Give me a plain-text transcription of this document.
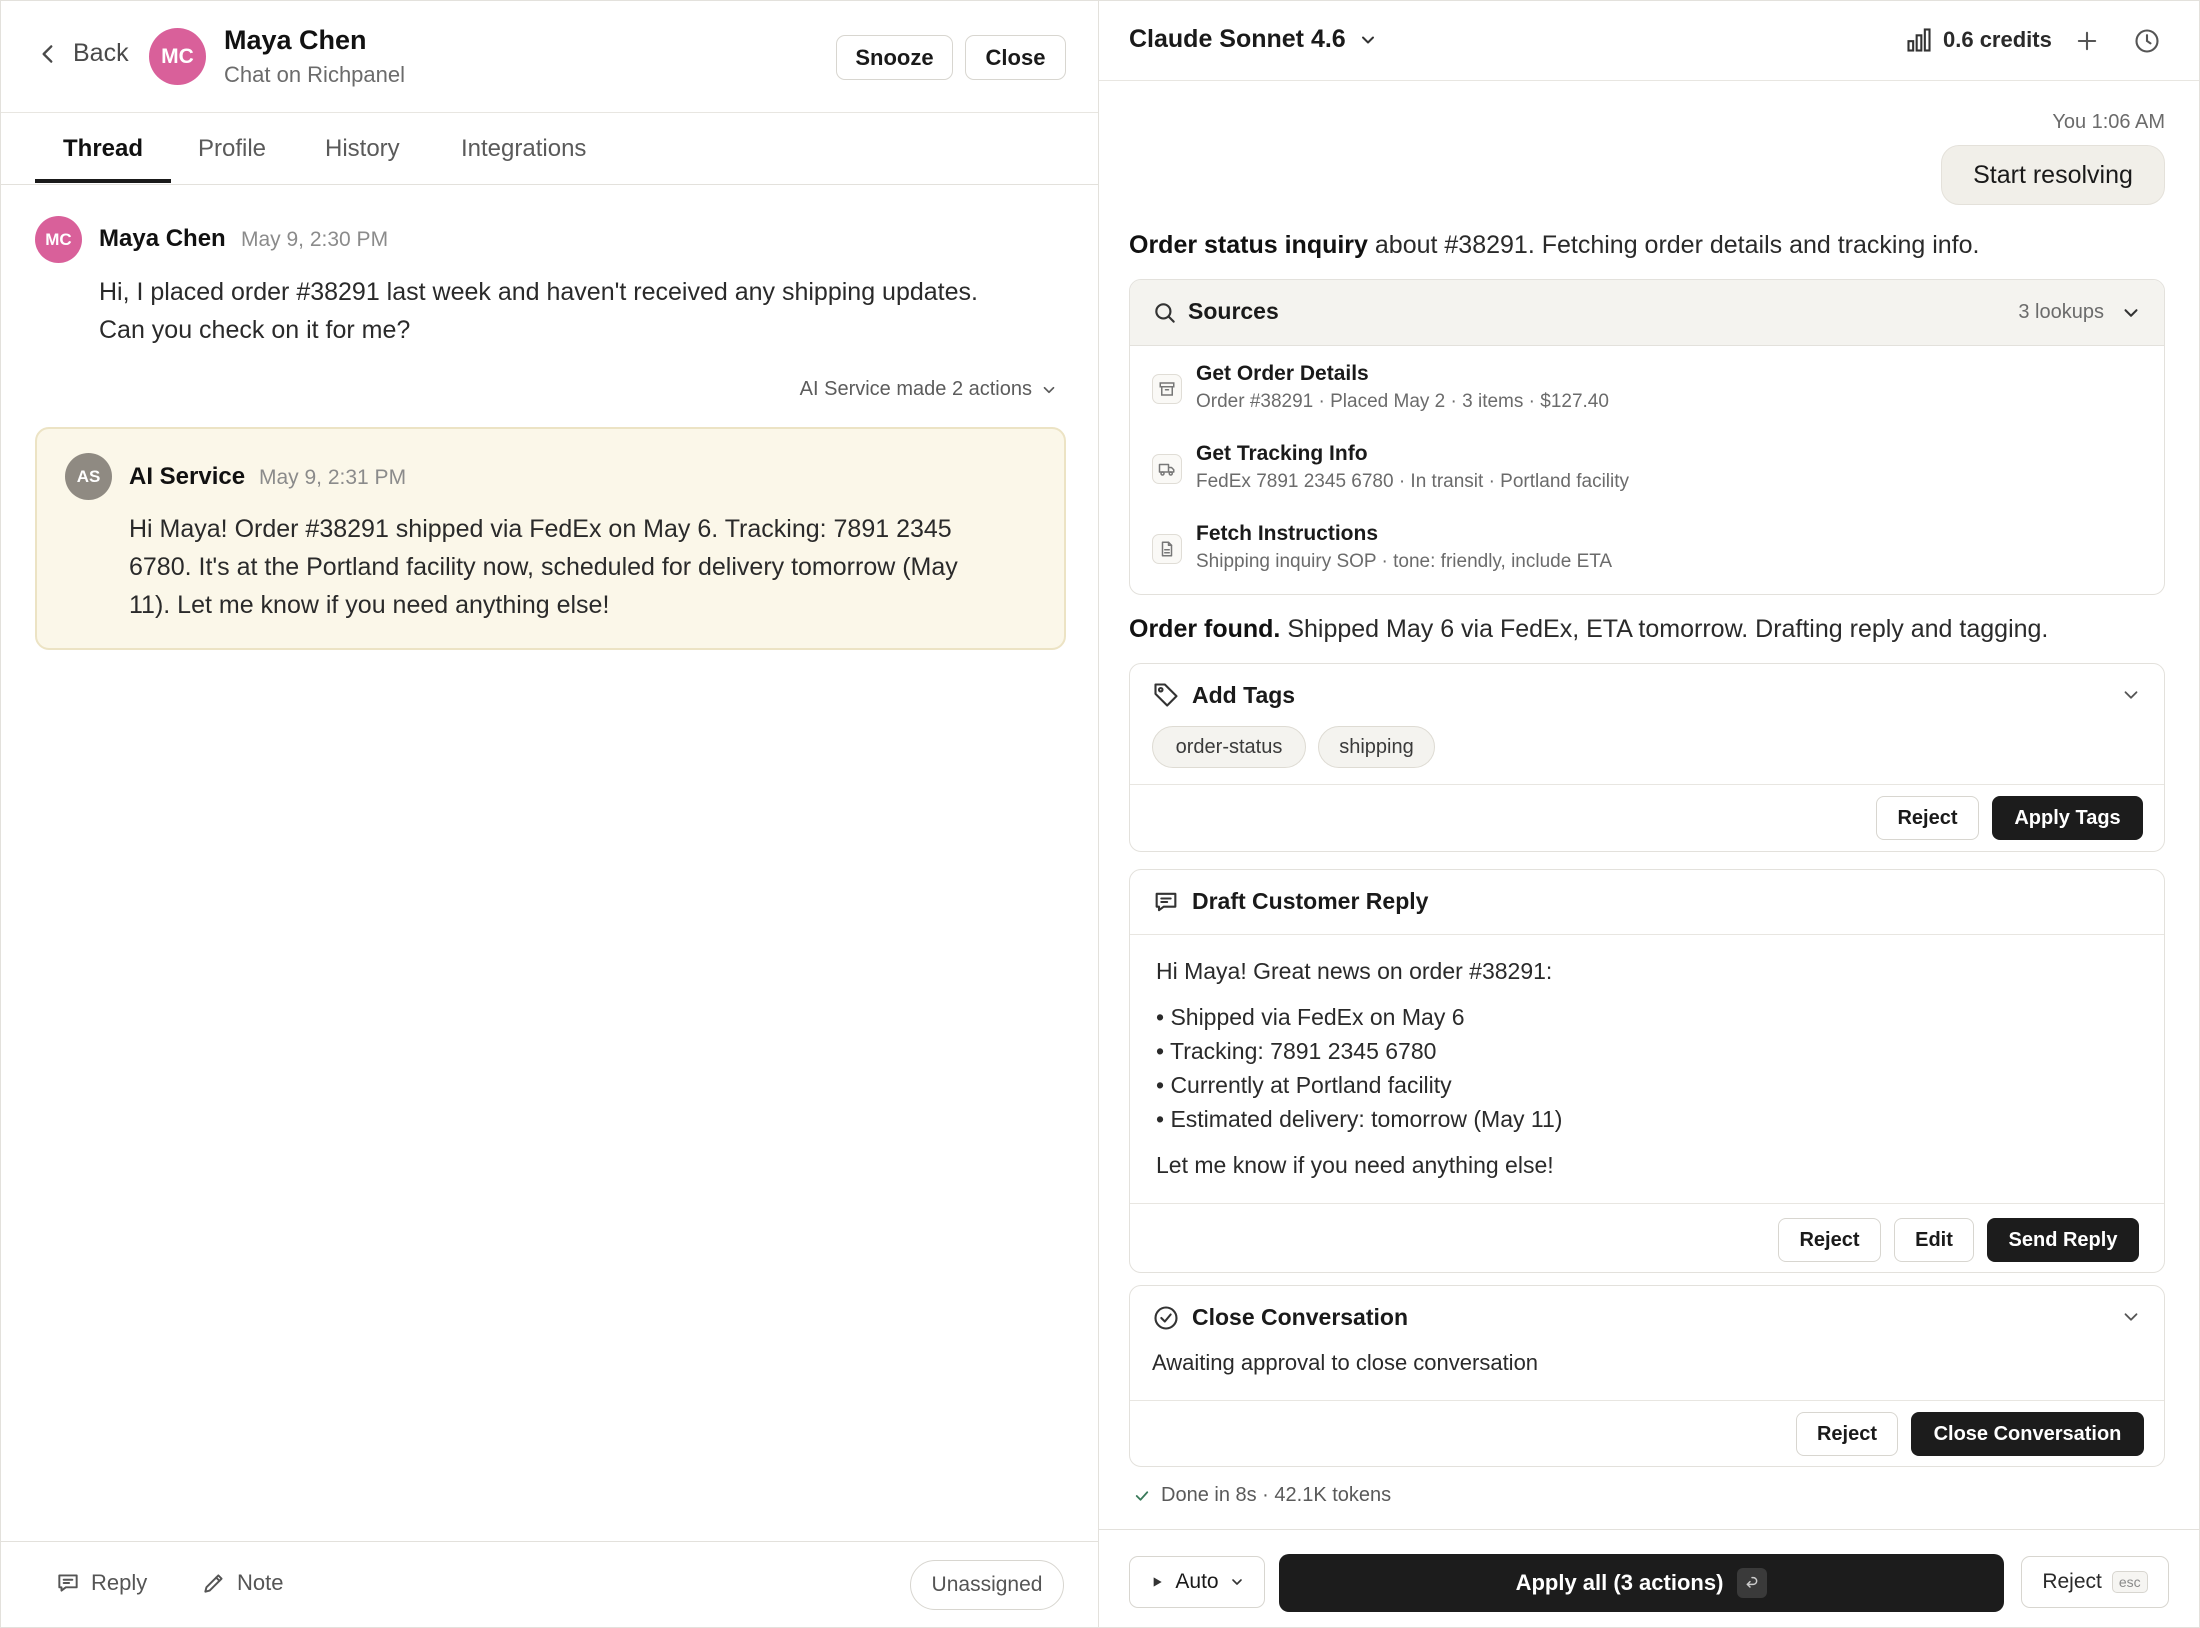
Back	MC
Maya Chen
Chat on Richpanel
Snooze	Close
Thread Profile History	Integrations
MC	Maya Chen May 9, 2:30 PM
Hi, I placed order #38291 last week and haven't received any shipping updates.
Can you check on it for me?
AI Service made 2 actions
AS	AI Service May 9, 2:31 PM
Hi Maya! Order #38291 shipped via FedEx on May 6. Tracking: 7891 2345
6780. It's at the Portland facility now, scheduled for delivery tomorrow (May
11). Let me know if you need anything else!
Reply	Note	Unassigned
Claude Sonnet 4.6	0.6 credits
You 1:06 AM
Start resolving
Order status inquiry about #38291. Fetching order details and tracking info.
Sources	3 lookups
Get Order Details
Order #38291 · Placed May 2 · 3 items · $127.40
Get Tracking Info
FedEx 7891 2345 6780 · In transit · Portland facility
Fetch Instructions
Shipping inquiry SOP · tone: friendly, include ETA
Order found. Shipped May 6 via FedEx, ETA tomorrow. Drafting reply and tagging.
Add Tags
order-status	shipping
Reject	Apply Tags
Draft Customer Reply
Hi Maya! Great news on order #38291:
• Shipped via FedEx on May 6
• Tracking: 7891 2345 6780
• Currently at Portland facility
• Estimated delivery: tomorrow (May 11)
Let me know if you need anything else!
Reject	Edit	Send Reply
Close Conversation
Awaiting approval to close conversation
Reject	Close Conversation
Done in 8s · 42.1K tokens
Auto	Apply all (3 actions)	Reject	esc
